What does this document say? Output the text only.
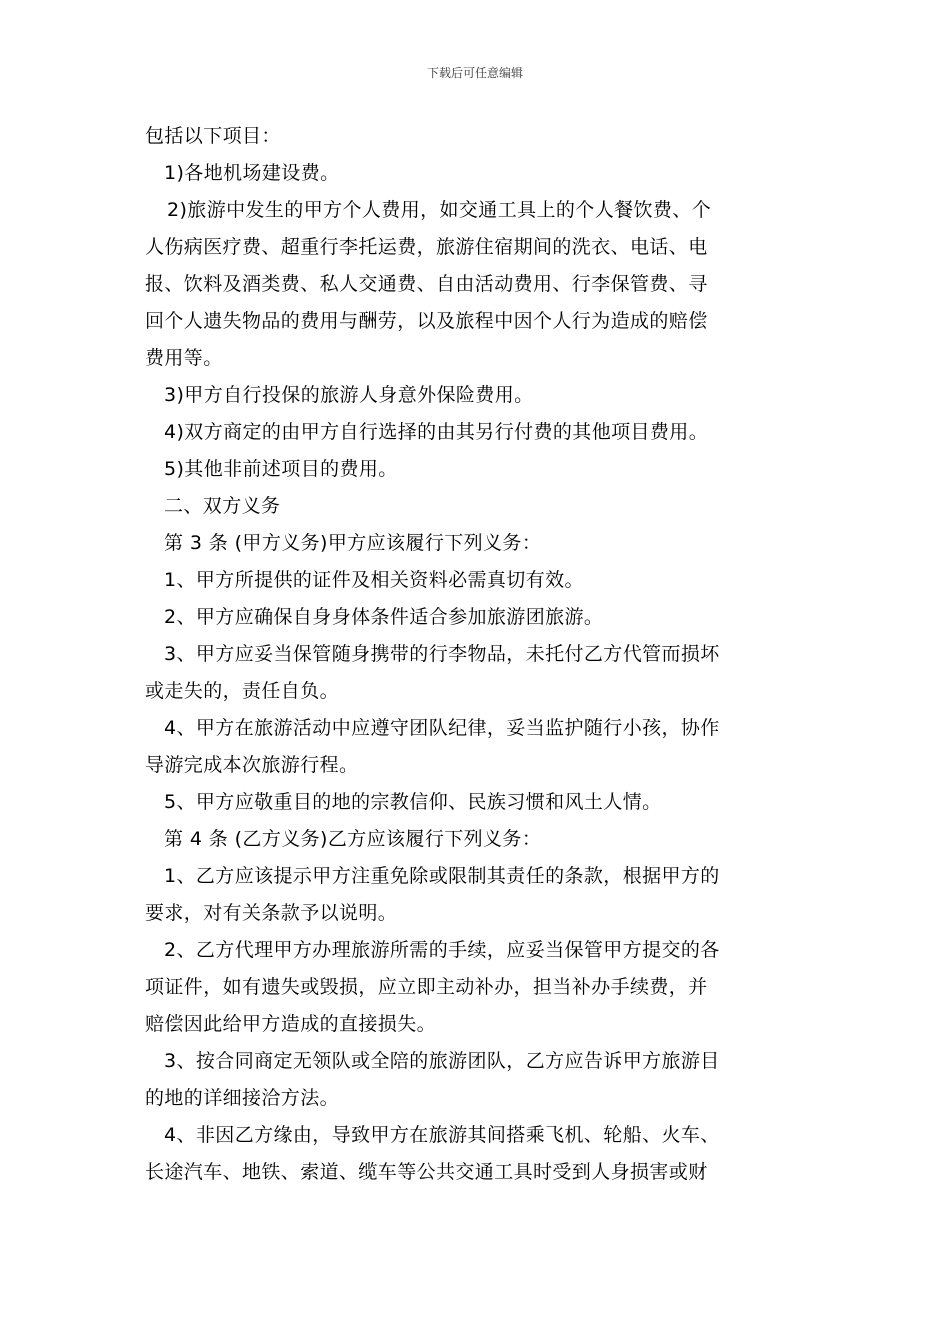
下载后可任意编辑
包括以下项目：
1)各地机场建设费。
2)旅游中发生的甲方个人费用，如交通工具上的个人餐饮费、个
人伤病医疗费、超重行李托运费，旅游住宿期间的洗衣、电话、电
报、饮料及酒类费、私人交通费、自由活动费用、行李保管费、寻
回个人遗失物品的费用与酬劳，以及旅程中因个人行为造成的赔偿
费用等。
3)甲方自行投保的旅游人身意外保险费用。
4)双方商定的由甲方自行选择的由其另行付费的其他项目费用。
5)其他非前述项目的费用。
二、双方义务
第 3 条 (甲方义务)甲方应该履行下列义务：
1、甲方所提供的证件及相关资料必需真切有效。
2、甲方应确保自身身体条件适合参加旅游团旅游。
3、甲方应妥当保管随身携带的行李物品，未托付乙方代管而损坏
或走失的，责任自负。
4、甲方在旅游活动中应遵守团队纪律，妥当监护随行小孩，协作
导游完成本次旅游行程。
5、甲方应敬重目的地的宗教信仰、民族习惯和风土人情。
第 4 条 (乙方义务)乙方应该履行下列义务：
1、乙方应该提示甲方注重免除或限制其责任的条款，根据甲方的
要求，对有关条款予以说明。
2、乙方代理甲方办理旅游所需的手续，应妥当保管甲方提交的各
项证件，如有遗失或毁损，应立即主动补办，担当补办手续费，并
赔偿因此给甲方造成的直接损失。
3、按合同商定无领队或全陪的旅游团队，乙方应告诉甲方旅游目
的地的详细接洽方法。
4、非因乙方缘由，导致甲方在旅游其间搭乘飞机、轮船、火车、
长途汽车、地铁、索道、缆车等公共交通工具时受到人身损害或财
